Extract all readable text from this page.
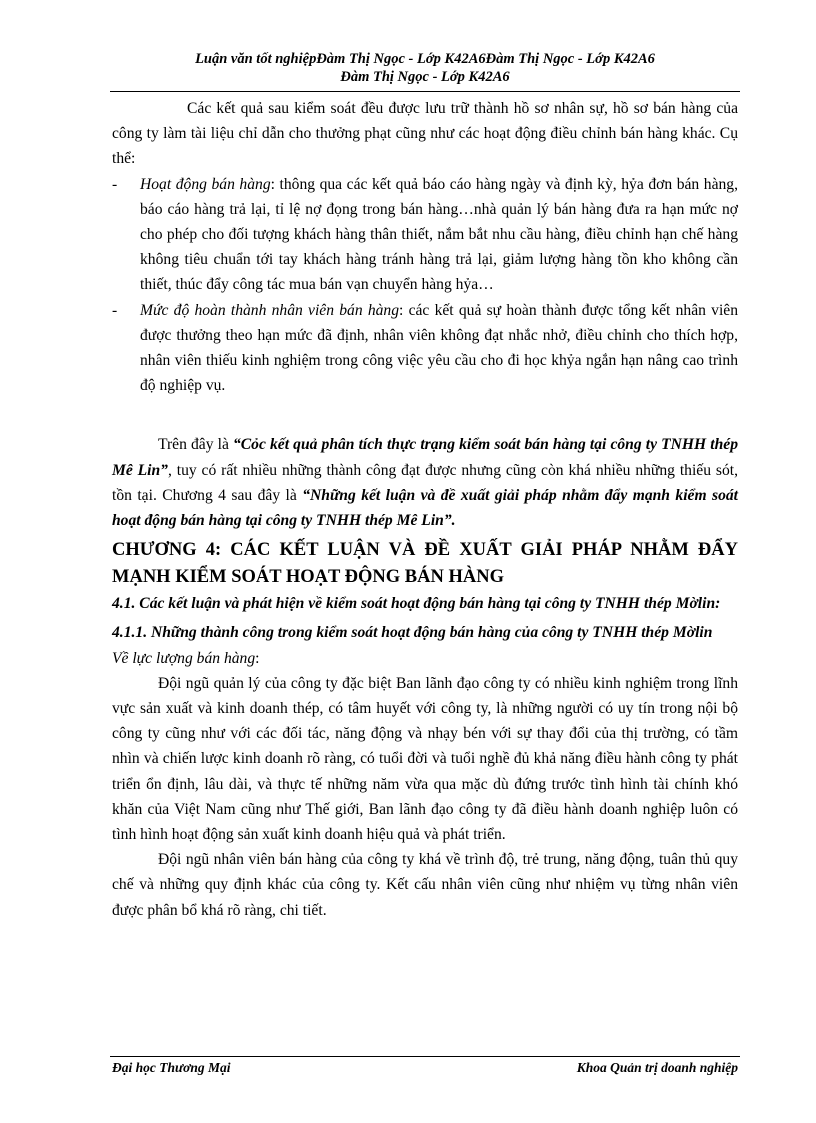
Luận văn tốt nghiệpĐàm Thị Ngọc - Lớp K42A6Đàm Thị Ngọc - Lớp K42A6
Đàm Thị Ngọc - Lớp K42A6

Các kết quả sau kiểm soát đều được lưu trữ thành hồ sơ nhân sự, hồ sơ bán hàng của công ty làm tài liệu chỉ dẫn cho thưởng phạt cũng như các hoạt động điều chỉnh bán hàng khác. Cụ thể:

- Hoạt động bán hàng: thông qua các kết quả báo cáo hàng ngày và định kỳ, hỷa đơn bán hàng, báo cáo hàng trả lại, tỉ lệ nợ đọng trong bán hàng…nhà quản lý bán hàng đưa ra hạn mức nợ cho phép cho đối tượng khách hàng thân thiết, nắm bắt nhu cầu hàng, điều chỉnh hạn chế hàng không tiêu chuẩn tới tay khách hàng tránh hàng trả lại, giảm lượng hàng tồn kho không cần thiết, thúc đẩy công tác mua bán vạn chuyển hàng hỷa…

- Mức độ hoàn thành nhân viên bán hàng: các kết quả sự hoàn thành được tổng kết nhân viên được thưởng theo hạn mức đã định, nhân viên không đạt nhắc nhở, điều chỉnh cho thích hợp, nhân viên thiếu kinh nghiệm trong công việc yêu cầu cho đi học khỷa ngắn hạn nâng cao trình độ nghiệp vụ.

Trên đây là “Cỏc kết quả phân tích thực trạng kiểm soát bán hàng tại công ty TNHH thép Mê Lin”, tuy có rất nhiều những thành công đạt được nhưng cũng còn khá nhiều những thiếu sót, tồn tại. Chương 4 sau đây là “Những kết luận và đề xuất giải pháp nhằm đẩy mạnh kiểm soát hoạt động bán hàng tại công ty TNHH thép Mê Lin”.

CHƯƠNG 4: CÁC KẾT LUẬN VÀ ĐỀ XUẤT GIẢI PHÁP NHẰM ĐẨY MẠNH KIỂM SOÁT HOẠT ĐỘNG BÁN HÀNG
4.1. Các kết luận và phát hiện về kiểm soát hoạt động bán hàng tại công ty TNHH thép Mờlin:
4.1.1. Những thành công trong kiểm soát hoạt động bán hàng của công ty TNHH thép Mờlin

Về lực lượng bán hàng:

Đội ngũ quản lý của công ty đặc biệt Ban lãnh đạo công ty có nhiều kinh nghiệm trong lĩnh vực sản xuất và kinh doanh thép, có tâm huyết với công ty, là những người có uy tín trong nội bộ công ty cũng như với các đối tác, năng động và nhạy bén với sự thay đổi của thị trường, có tầm nhìn và chiến lược kinh doanh rõ ràng, có tuổi đời và tuổi nghề đủ khả năng điều hành công ty phát triển ổn định, lâu dài, và thực tế những năm vừa qua mặc dù đứng trước tình hình tài chính khó khăn của Việt Nam cũng như Thế giới, Ban lãnh đạo công ty đã điều hành doanh nghiệp luôn có tình hình hoạt động sản xuất kinh doanh hiệu quả và phát triển.

Đội ngũ nhân viên bán hàng của công ty khá về trình độ, trẻ trung, năng động, tuân thủ quy chế và những quy định khác của công ty. Kết cấu nhân viên cũng như nhiệm vụ từng nhân viên được phân bổ khá rõ ràng, chi tiết.

Đại học Thương Mại	Khoa Quản trị doanh nghiệp
